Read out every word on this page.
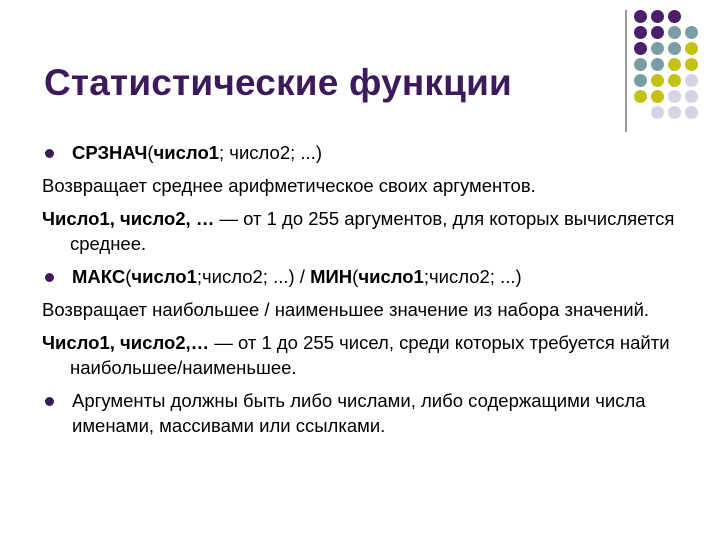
Статистические функции
СРЗНАЧ(число1; число2; ...)
Возвращает среднее арифметическое своих аргументов.
Число1, число2, … — от 1 до 255 аргументов, для которых вычисляется среднее.
МАКС(число1;число2; ...) / МИН(число1;число2; ...)
Возвращает наибольшее / наименьшее значение из набора значений.
Число1, число2,… — от 1 до 255 чисел, среди которых требуется найти наибольшее/наименьшее.
Аргументы должны быть либо числами, либо содержащими числа именами, массивами или ссылками.
